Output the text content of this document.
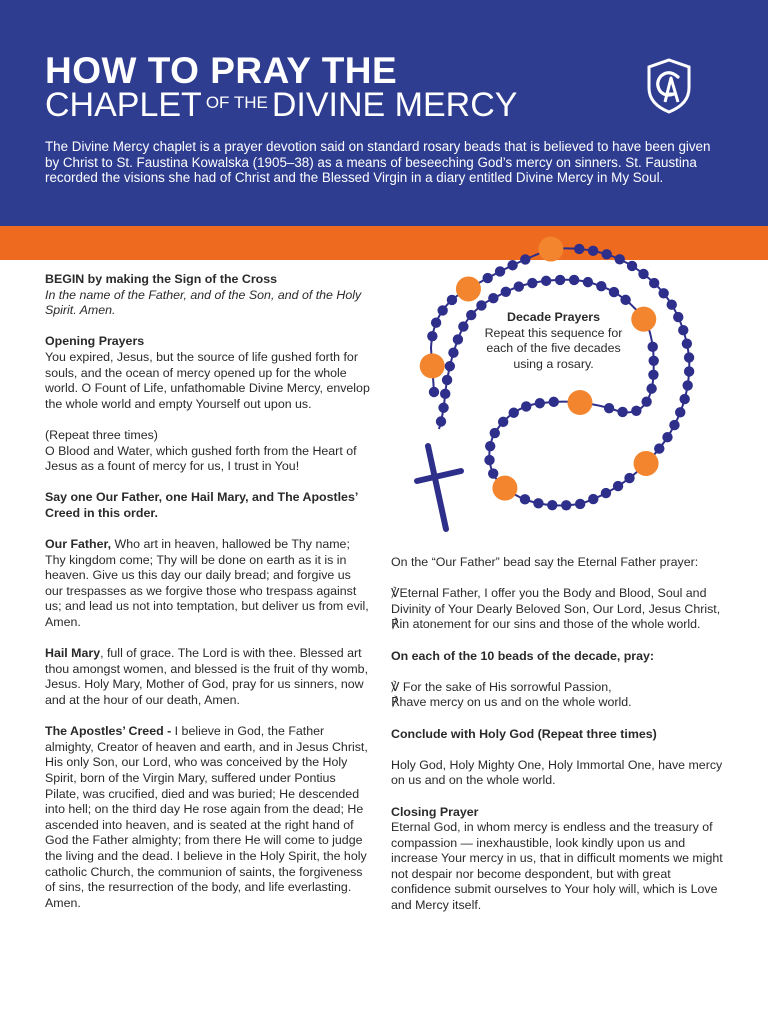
HOW TO PRAY THE
CHAPLET $^{OF THE}$ DIVINE MERCY
The Divine Mercy chaplet is a prayer devotion said on standard rosary beads that is believed to have been given by Christ to St. Faustina Kowalska (1905–38) as a means of beseeching God’s mercy on sinners. St. Faustina recorded the visions she had of Christ and the Blessed Virgin in a diary entitled Divine Mercy in My Soul.
BEGIN by making the Sign of the Cross
In the name of the Father, and of the Son, and of the Holy Spirit. Amen.
Opening Prayers
You expired, Jesus, but the source of life gushed forth for souls, and the ocean of mercy opened up for the whole world. O Fount of Life, unfathomable Divine Mercy, envelop the whole world and empty Yourself out upon us.
(Repeat three times)
O Blood and Water, which gushed forth from the Heart of Jesus as a fount of mercy for us, I trust in You!
Say one Our Father, one Hail Mary, and The Apostles’ Creed in this order.
Our Father, Who art in heaven, hallowed be Thy name; Thy kingdom come; Thy will be done on earth as it is in heaven. Give us this day our daily bread; and forgive us our trespasses as we forgive those who trespass against us; and lead us not into temptation, but deliver us from evil, Amen.
Hail Mary, full of grace. The Lord is with thee. Blessed art thou amongst women, and blessed is the fruit of thy womb, Jesus. Holy Mary, Mother of God, pray for us sinners, now and at the hour of our death, Amen.
The Apostles’ Creed - I believe in God, the Father almighty, Creator of heaven and earth, and in Jesus Christ, His only Son, our Lord, who was conceived by the Holy Spirit, born of the Virgin Mary, suffered under Pontius Pilate, was crucified, died and was buried; He descended into hell; on the third day He rose again from the dead; He ascended into heaven, and is seated at the right hand of God the Father almighty; from there He will come to judge the living and the dead. I believe in the Holy Spirit, the holy catholic Church, the communion of saints, the forgiveness of sins, the resurrection of the body, and life everlasting. Amen.
Decade Prayers
Repeat this sequence for each of the five decades using a rosary.
On the “Our Father” bead say the Eternal Father prayer:
℣Eternal Father, I offer you the Body and Blood, Soul and Divinity of Your Dearly Beloved Son, Our Lord, Jesus Christ,
℟in atonement for our sins and those of the whole world.
On each of the 10 beads of the decade, pray:
℣ For the sake of His sorrowful Passion,
℟have mercy on us and on the whole world.
Conclude with Holy God (Repeat three times)
Holy God, Holy Mighty One, Holy Immortal One, have mercy on us and on the whole world.
Closing Prayer
Eternal God, in whom mercy is endless and the treasury of compassion — inexhaustible, look kindly upon us and increase Your mercy in us, that in difficult moments we might not despair nor become despondent, but with great confidence submit ourselves to Your holy will, which is Love and Mercy itself.
